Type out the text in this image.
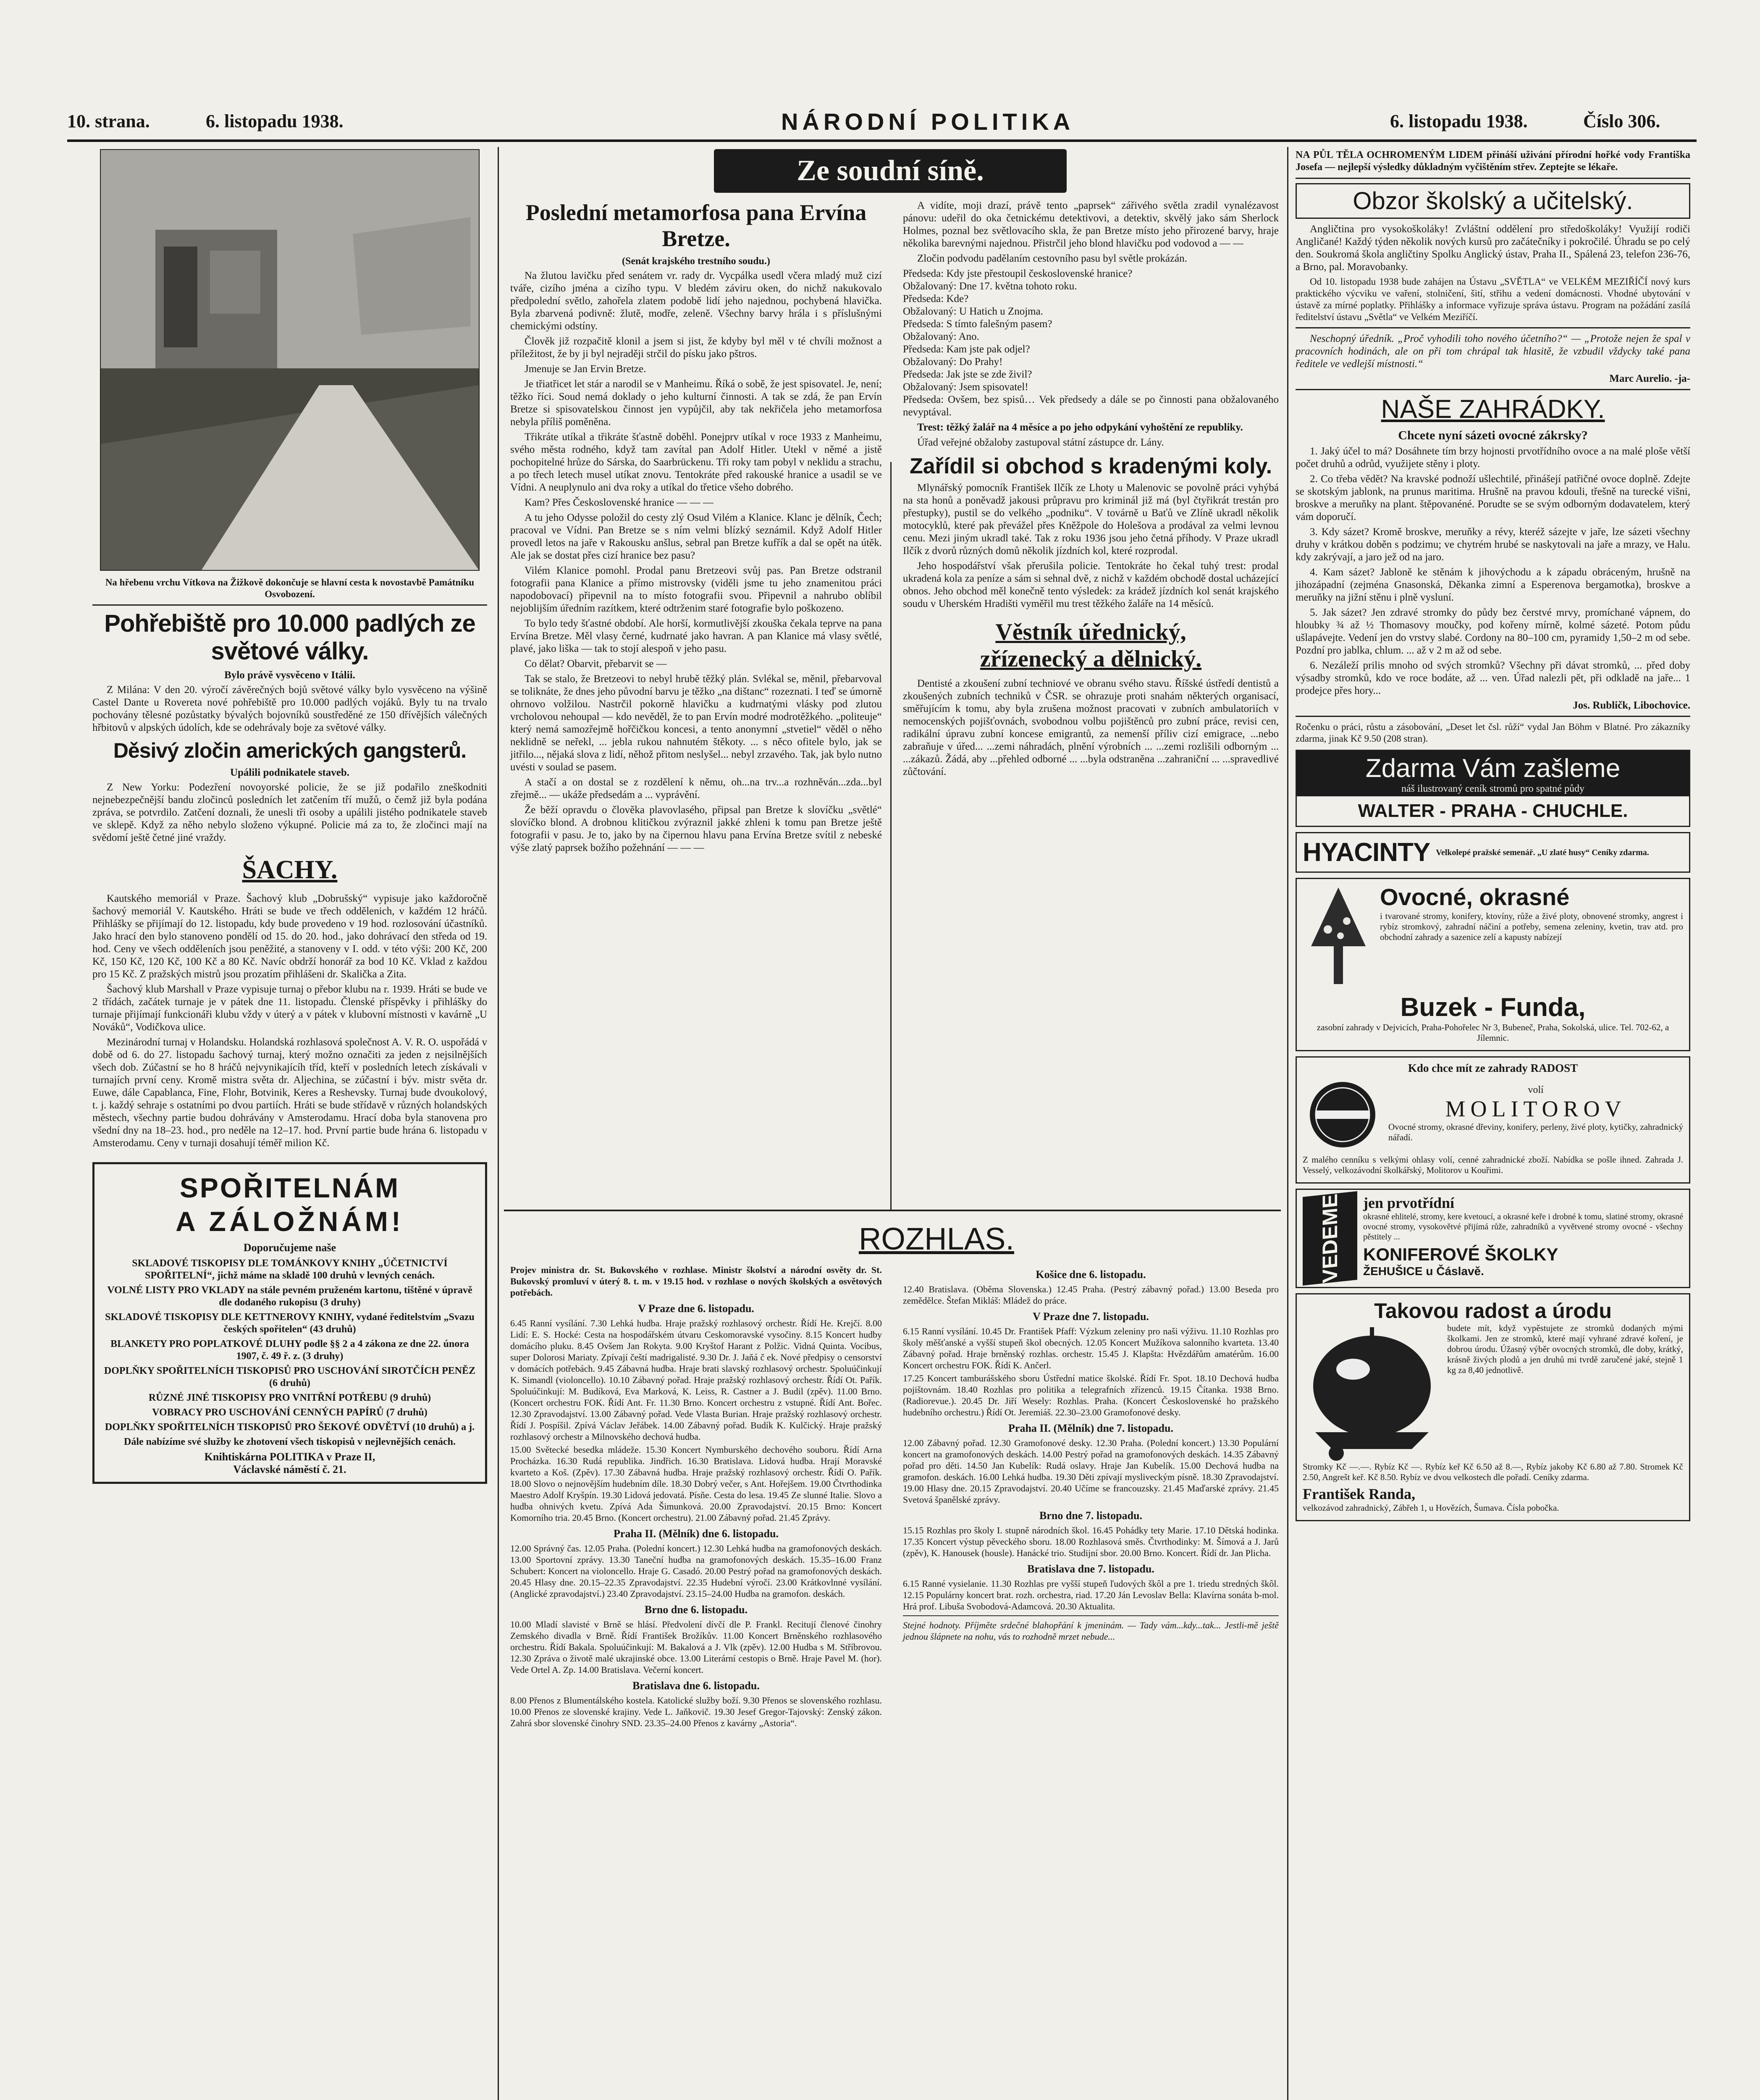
10. strana.	6. listopadu 1938.	NÁRODNÍ POLITIKA	6. listopadu 1938.	Číslo 306.

Na hřebenu vrchu Vítkova na Žižkově dokončuje se hlavní cesta k novostavbě Památníku Osvobození.

Pohřebiště pro 10.000 padlých ze světové války.
Bylo právě vysvěceno v Itálii.

Z Milána: V den 20. výročí závěrečných bojů světové války bylo vysvěceno na výšině Castel Dante u Rovereta nové pohřebiště pro 10.000 padlých vojáků. Byly tu na trvalo pochovány tělesné pozůstatky bývalých bojovníků soustředěné ze 150 dřívějších válečných hřbitovů v alpských údolích, kde se odehrávaly boje za světové války.

Děsivý zločin amerických gangsterů.
Upálili podnikatele staveb.

Z New Yorku: Podezření novoyorské policie, že se již podařilo zneškodniti nejnebezpečnější bandu zločinců posledních let zatčením tří mužů, o čemž již byla podána zpráva, se potvrdilo. Zatčení doznali, že unesli tři osoby a upálili jistého podnikatele staveb ve sklepě. Když za něho nebylo složeno výkupné. Policie má za to, že zločinci mají na svědomí ještě četné jiné vraždy.

ŠACHY.

Kautského memoriál v Praze. Šachový klub „Dobrušský“ vypisuje jako každoročně šachový memoriál V. Kautského. Hráti se bude ve třech oddělenich, v každém 12 hráčů. Přihlášky se přijímají do 12. listopadu, kdy bude provedeno v 19 hod. rozlosování účastníků. Jako hrací den bylo stanoveno pondělí od 15. do 20. hod., jako dohrávací den středa od 19. hod. Ceny ve všech odděleních jsou peněžité, a stanoveny v I. odd. v této výši: 200 Kč, 200 Kč, 150 Kč, 120 Kč, 100 Kč a 80 Kč. Navíc obdrží honorář za bod 10 Kč. Vklad z každou pro 15 Kč. Z pražských mistrů jsou prozatím přihlášeni dr. Skalička a Zita.

Šachový klub Marshall v Praze vypisuje turnaj o přebor klubu na r. 1939. Hráti se bude ve 2 třídách, začátek turnaje je v pátek dne 11. listopadu. Členské příspěvky i přihlášky do turnaje přijímají funkcionáři klubu vždy v úterý a v pátek v klubovní místnosti v kavárně „U Nováků“, Vodičkova ulice.

Mezinárodní turnaj v Holandsku. Holandská rozhlasová společnost A. V. R. O. uspořádá v době od 6. do 27. listopadu šachový turnaj, který možno označiti za jeden z nejsilnějších všech dob. Zúčastní se ho 8 hráčů nejvynikajícíh tříd, kteří v posledních letech získávali v turnajích první ceny. Kromě mistra světa dr. Aljechina, se zúčastní i býv. mistr světa dr. Euwe, dále Capablanca, Fine, Flohr, Botvinik, Keres a Reshevsky. Turnaj bude dvoukolový, t. j. každý sehraje s ostatními po dvou partiích. Hráti se bude střídavě v různých holandských městech, všechny partie budou dohrávány v Amsterodamu. Hrací doba byla stanovena pro všední dny na 18–23. hod., pro neděle na 12–17. hod. První partie bude hrána 6. listopadu v Amsterodamu. Ceny v turnaji dosahují téměř milion Kč.

SPOŘITELNÁM
A ZÁLOŽNÁM!
Doporučujeme naše

SKLADOVÉ TISKOPISY DLE TOMÁNKOVY KNIHY „ÚČETNICTVÍ SPOŘITELNÍ“, jichž máme na skladě 100 druhů v levných cenách.

VOLNÉ LISTY PRO VKLADY na stále pevném pruženém kartonu, tištěné v úpravě dle dodaného rukopisu (3 druhy)

SKLADOVÉ TISKOPISY DLE KETTNEROVY KNIHY, vydané ředitelstvím „Svazu českých spořitelen“ (43 druhů)

BLANKETY PRO POPLATKOVÉ DLUHY podle §§ 2 a 4 zákona ze dne 22. února 1907, č. 49 ř. z. (3 druhy)

DOPLŇKY SPOŘITELNÍCH TISKOPISŮ PRO USCHOVÁNÍ SIROTČÍCH PENĚZ (6 druhů)

RŮZNÉ JINÉ TISKOPISY PRO VNITŘNÍ POTŘEBU (9 druhů)

VOBRACY PRO USCHOVÁNÍ CENNÝCH PAPÍRŮ (7 druhů)

DOPLŇKY SPOŘITELNÍCH TISKOPISŮ PRO ŠEKOVÉ ODVĚTVÍ (10 druhů) a j.

Dále nabízíme své služby ke zhotovení všech tiskopisů v nejlevnějších cenách.

Knihtiskárna POLITIKA v Praze II,
Václavské náměstí č. 21.
Ze soudní síně.
Poslední metamorfosa pana Ervína Bretze.
(Senát krajského trestního soudu.)

Na žlutou lavičku před senátem vr. rady dr. Vycpálka usedl včera mladý muž cizí tváře, cizího jména a cizího typu. V bledém záviru oken, do nichž nakukovalo předpolední světlo, zahořela zlatem podobě lidí jeho najednou, pochybená hlavička. Byla zbarvená podivně: žlutě, modře, zeleně. Všechny barvy hrála i s příslušnými chemickými odstíny.

Člověk již rozpačitě klonil a jsem si jist, že kdyby byl měl v té chvíli možnost a příležitost, že by ji byl nejraději strčil do písku jako pštros.

Jmenuje se Jan Ervin Bretze.

Je třiatřicet let stár a narodil se v Manheimu. Říká o sobě, že jest spisovatel. Je, není; těžko říci. Soud nemá doklady o jeho kulturní činnosti. A tak se zdá, že pan Ervín Bretze si spisovatelskou činnost jen vypůjčil, aby tak nekřičela jeho metamorfosa nebyla příliš poměněna.

Třikráte utíkal a třikráte šťastně doběhl. Ponejprv utíkal v roce 1933 z Manheimu, svého města rodného, když tam zavítal pan Adolf Hitler. Utekl v němé a jistě pochopitelné hrůze do Sárska, do Saarbrückenu. Tři roky tam pobyl v neklidu a strachu, a po třech letech musel utíkat znovu. Tentokráte před rakouské hranice a usadil se ve Vídni. A neuplynulo ani dva roky a utíkal do třetice všeho dobrého.

Kam? Přes Československé hranice — — —

A tu jeho Odysse položil do cesty zlý Osud Vilém a Klanice. Klanc je dělník, Čech; pracoval ve Vídni. Pan Bretze se s ním velmi blízký seznámil. Když Adolf Hitler provedl letos na jaře v Rakousku anšlus, sebral pan Bretze kufřík a dal se opět na útěk. Ale jak se dostat přes cizí hranice bez pasu?

Vilém Klanice pomohl. Prodal panu Bretzeovi svůj pas. Pan Bretze odstranil fotografii pana Klanice a přímo mistrovsky (viděli jsme tu jeho znamenitou práci napodobovací) připevnil na to místo fotografii svou. Připevnil a nahrubo oblíbil nejoblijším úředním razítkem, které odtrženim staré fotografie bylo poškozeno.

To bylo tedy šťastné období. Ale horší, kormutlivější zkouška čekala teprve na pana Ervína Bretze. Měl vlasy černé, kudrnaté jako havran. A pan Klanice má vlasy světlé, plavé, jako liška — tak to stojí alespoň v jeho pasu.

Co dělat? Obarvit, přebarvit se —

Tak se stalo, že Bretzeovi to nebyl hrubě těžký plán. Svlékal se, měnil, přebarvoval se toliknáte, že dnes jeho původní barvu je těžko „na dištanc“ rozeznati. I teď se úmorně ohrnovo volžilou. Nastrčil pokorně hlavičku a kudrnatými vlásky pod zlutou vrcholovou nehoupal — kdo nevěděl, že to pan Ervín modré modrotěžkého. „politeuje“ který nemá samozřejmě hořčičkou koncesi, a tento anonymní „stvetiel“ věděl o něho neklidně se neřekl, ... jebla rukou nahnutém štěkoty. ... s něco ofitele bylo, jak se jitřilo..., nějaká slova z lidí, něhož přitom neslyšel... nebyl zrzavého. Tak, jak bylo nutno uvésti v soulad se pasem.

A stačí a on dostal se z rozdělení k němu, oh...na trv...a rozhněván...zda...byl zřejmě... — ukáže předsedám a ... vyprávění.

Že běží opravdu o člověka plavovlasého, připsal pan Bretze k slovíčku „světlé“ slovíčko blond. A drobnou klitičkou zvýraznil jakké zhleni k tomu pan Bretze ještě fotografii v pasu. Je to, jako by na čipernou hlavu pana Ervína Bretze svítil z nebeské výše zlatý paprsek božího požehnání — — —

A vidíte, moji drazí, právě tento „paprsek“ zářivého světla zradil vynalézavost pánovu: udeřil do oka četnickému detektivovi, a detektiv, skvělý jako sám Sherlock Holmes, poznal bez světlovacího skla, že pan Bretze místo jeho přirozené barvy, hraje několika barevnými najednou. Přistrčil jeho blond hlavičku pod vodovod a — —

Zločin podvodu padělaním cestovního pasu byl světle prokázán.

Předseda: Kdy jste přestoupil československé hranice?

Obžalovaný: Dne 17. května tohoto roku.

Předseda: Kde?

Obžalovaný: U Hatich u Znojma.

Předseda: S tímto falešným pasem?

Obžalovaný: Ano.

Předseda: Kam jste pak odjel?

Obžalovaný: Do Prahy!

Předseda: Jak jste se zde živil?

Obžalovaný: Jsem spisovatel!

Předseda: Ovšem, bez spisů… Vek předsedy a dále se po činnosti pana obžalovaného nevyptával.

Trest: těžký žalář na 4 měsíce a po jeho odpykání vyhoštění ze republiky.

Úřad veřejné obžaloby zastupoval státní zástupce dr. Lány.

Zařídil si obchod s kradenými koly.

Mlynářský pomocník František Ilčík ze Lhoty u Malenovic se povolně práci vyhýbá na sta honů a poněvadž jakousi průpravu pro kriminál již má (byl čtyřikrát trestán pro přestupky), pustil se do velkého „podniku“. V továrně u Baťů ve Zlíně ukradl několik motocyklů, které pak převážel přes Kněžpole do Holešova a prodával za velmi levnou cenu. Mezi jiným ukradl také. Tak z roku 1936 jsou jeho četná příhody. V Praze ukradl Ilčík z dvorů různých domů několik jízdních kol, které rozprodal.

Jeho hospodářství však přerušila policie. Tentokráte ho čekal tuhý trest: prodal ukradená kola za peníze a sám si sehnal dvě, z nichž v každém obchodě dostal ucházející obnos. Jeho obchod měl konečně tento výsledek: za krádež jízdních kol senát krajského soudu v Uherském Hradišti vyměřil mu trest těžkého žaláře na 14 měsíců.

Věstník úřednický,
zřízenecký a dělnický.

Dentisté a zkoušení zubní techniové ve obranu svého stavu. Říšské ústředí dentistů a zkoušených zubních techniků v ČSR. se ohrazuje proti snahám některých organisací, směřujícím k tomu, aby byla zrušena možnost pracovati v zubních ambulatoriích v nemocenských pojišťovnách, svobodnou volbu pojištěnců pro zubní práce, revisi cen, radikální úpravu zubní koncese emigrantů, za nemenší příliv cizí emigrace, ...nebo zabraňuje v úřed... ...zemi náhradách, plnění výrobních ... ...zemi rozlišili odborným ... ...zákazů. Žádá, aby ...přehled odborné ... ...byla odstraněna ...zahraniční ... ...spravedlivé zůčtování.

ROZHLAS.

Projev ministra dr. St. Bukovského v rozhlase. Ministr školství a národní osvěty dr. St. Bukovský promluví v úterý 8. t. m. v 19.15 hod. v rozhlase o nových školských a osvětových potřebách.

V Praze dne 6. listopadu.

6.45 Ranní vysílání. 7.30 Lehká hudba. Hraje pražský rozhlasový orchestr. Řídí He. Krejčí. 8.00 Lidí: E. S. Hocké: Cesta na hospodářském útvaru Ceskomoravské vysočiny. 8.15 Koncert hudby domácího pluku. 8.45 Ovšem Jan Rokyta. 9.00 Kryštof Harant z Polžic. Vidná Quinta. Vocibus, super Dolorosi Mariaty. Zpívají čeští madrigalisté. 9.30 Dr. J. Jaňá č ek. Nové předpisy o censorství v domácích potřebách. 9.45 Zábavná hudba. Hraje brati slavský rozhlasový orchestr. Spoluúčinkují K. Simandl (violoncello). 10.10 Zábavný pořad. Hraje pražský rozhlasový orchestr. Řídí Ot. Pařík. Spoluúčinkují: M. Budíková, Eva Marková, K. Leiss, R. Castner a J. Budil (zpěv). 11.00 Brno. (Koncert orchestru FOK. Řídí Ant. Fr. 11.30 Brno. Koncert orchestru z vstupné. Řídí Ant. Bořec. 12.30 Zpravodajství. 13.00 Zábavný pořad. Vede Vlasta Burian. Hraje pražský rozhlasový orchestr. Řídí J. Pospíšil. Zpívá Václav Jeřábek. 14.00 Zábavný pořad. Budík K. Kulčický. Hraje pražský rozhlasový orchestr a Milnovského dechová hudba.

15.00 Světecké besedka mládeže. 15.30 Koncert Nymburského dechového souboru. Řídí Arna Procházka. 16.30 Rudá republika. Jindřich. 16.30 Bratislava. Lidová hudba. Hrají Moravské kvarteto a Koš. (Zpěv). 17.30 Zábavná hudba. Hraje pražský rozhlasový orchestr. Řídí O. Pařík. 18.00 Slovo o nejnovějším hudebním díle. 18.30 Dobrý večer, s Ant. Hořejšem. 19.00 Čtvrthodinka Maestro Adolf Kryšpín. 19.30 Lidová jedovatá. Písňe. Cesta do lesa. 19.45 Ze slunné Italie. Slovo a hudba ohnivých kvetu. Zpívá Ada Šimunková. 20.00 Zpravodajství. 20.15 Brno: Koncert Komorního tria. 20.45 Brno. (Koncert orchestru). 21.00 Zábavný pořad. 21.45 Zprávy.

Praha II. (Mělník) dne 6. listopadu.

12.00 Správný čas. 12.05 Praha. (Polední koncert.) 12.30 Lehká hudba na gramofonových deskách. 13.00 Sportovní zprávy. 13.30 Taneční hudba na gramofonových deskách. 15.35–16.00 Franz Schubert: Koncert na violoncello. Hraje G. Casadó. 20.00 Pestrý pořad na gramofonových deskách. 20.45 Hlasy dne. 20.15–22.35 Zpravodajství. 22.35 Hudební výročí. 23.00 Krátkovlnné vysílání. (Anglické zpravodajství.) 23.40 Zpravodajství. 23.15–24.00 Hudba na gramofon. deskách.

Brno dne 6. listopadu.

10.00 Mladí slavisté v Brně se hlásí. Předvolení dívčí dle P. Frankl. Recitují členové činohry Zemského divadla v Brně. Řídí František Brožíkův. 11.00 Koncert Brněnského rozhlasového orchestru. Řídí Bakala. Spoluúčinkují: M. Bakalová a J. Vlk (zpěv). 12.00 Hudba s M. Stříbrovou. 12.30 Zpráva o životě malé ukrajinské obce. 13.00 Literární cestopis o Brně. Hraje Pavel M. (hor). Vede Ortel A. Zp. 14.00 Bratislava. Večerní koncert.

Bratislava dne 6. listopadu.

8.00 Přenos z Blumentálského kostela. Katolické služby boží. 9.30 Přenos se slovenského rozhlasu. 10.00 Přenos ze slovenské krajiny. Vede L. Jaňkovič. 19.30 Jesef Gregor-Tajovský: Zenský zákon. Zahrá sbor slovenské činohry SND. 23.35–24.00 Přenos z kavárny „Astoria“.

Košice dne 6. listopadu.

12.40 Bratislava. (Oběma Slovenska.) 12.45 Praha. (Pestrý zábavný pořad.) 13.00 Beseda pro zemědělce. Štefan Mikláš: Mládež do práce.

V Praze dne 7. listopadu.

6.15 Ranní vysílání. 10.45 Dr. František Pfaff: Výzkum zeleniny pro naši výživu. 11.10 Rozhlas pro školy měšťanské a vyšší stupeň škol obecných. 12.05 Koncert Mužíkova salonního kvarteta. 13.40 Zábavný pořad. Hraje brněnský rozhlas. orchestr. 15.45 J. Klapšta: Hvězdářům amatérům. 16.00 Koncert orchestru FOK. Řídí K. Ančerl.

17.25 Koncert tamburášského sboru Ústřední matice školské. Řídí Fr. Spot. 18.10 Dechová hudba pojištovnám. 18.40 Rozhlas pro politika a telegrafních zřízenců. 19.15 Čítanka. 1938 Brno. (Radiorevue.). 20.45 Dr. Jiří Wesely: Rozhlas. Praha. (Koncert Československé ho pražského hudebního orchestru.) Řídí Ot. Jeremiáš. 22.30–23.00 Gramofonové desky.

Praha II. (Mělník) dne 7. listopadu.

12.00 Zábavný pořad. 12.30 Gramofonové desky. 12.30 Praha. (Polední koncert.) 13.30 Populární koncert na gramofonových deskách. 14.00 Pestrý pořad na gramofonových deskách. 14.35 Zábavný pořad pro děti. 14.50 Jan Kubelík: Rudá oslavy. Hraje Jan Kubelík. 15.00 Dechová hudba na gramofon. deskách. 16.00 Lehká hudba. 19.30 Děti zpívají mysliveckým písně. 18.30 Zpravodajství. 19.00 Hlasy dne. 20.15 Zpravodajství. 20.40 Učíme se francouzsky. 21.45 Maďarské zprávy. 21.45 Svetová španělské zprávy.

Brno dne 7. listopadu.

15.15 Rozhlas pro školy I. stupně národních škol. 16.45 Pohádky tety Marie. 17.10 Dětská hodinka. 17.35 Koncert výstup pěveckého sboru. 18.00 Rozhlasová směs. Čtvrthodinky: M. Šímová a J. Jarů (zpěv), K. Hanousek (housle). Hanácké trio. Studijní sbor. 20.00 Brno. Koncert. Řídí dr. Jan Plicha.

Bratislava dne 7. listopadu.

6.15 Ranné vysielanie. 11.30 Rozhlas pre vyšší stupeň ľudových škôl a pre 1. triedu stredných škôl. 12.15 Populárny koncert brat. rozh. orchestra, riad. 17.20 Ján Levoslav Bella: Klavírna sonáta b-mol. Hrá prof. Libuša Svobodová-Adamcová. 20.30 Aktualita.

Stejné hodnoty. Příjměte srdečné blahopřání k jmeninám. — Tady vám...kdy...tak... Jestli-mě ještě jednou šlápnete na nohu, vás to rozhodně mrzet nebude...

NA PŮL TĚLA OCHROMENÝM LIDEM přináší uživání přírodní hořké vody Františka Josefa — nejlepší výsledky důkladným vyčištěním střev. Zeptejte se lékaře.

Obzor školský a učitelský.

Angličtina pro vysokoškoláky! Zvláštní oddělení pro středoškoláky! Využijí rodiči Angličané! Každý týden několik nových kursů pro začátečníky i pokročilé. Úhradu se po celý den. Soukromá škola angličtiny Spolku Anglický ústav, Praha II., Spálená 23, telefon 236-76, a Brno, pal. Moravobanky.

Od 10. listopadu 1938 bude zahájen na Ústavu „SVĚTLA“ ve VELKÉM MEZIŘÍČÍ nový kurs praktického výcviku ve vaření, stolničení, šití, střihu a vedení domácnosti. Vhodné ubytování v ústavě za mírné poplatky. Přihlášky a informace vyřizuje správa ústavu. Program na požádání zasílá ředitelství ústavu „Světla“ ve Velkém Meziříčí.

Neschopný úředník. „Proč vyhodili toho nového účetního?“ — „Protože nejen že spal v pracovních hodinách, ale on při tom chrápal tak hlasitě, že vzbudil vždycky také pana ředitele ve vedlejší místnosti.“

Marc Aurelio. -ja-
NAŠE ZAHRÁDKY.
Chcete nyní sázeti ovocné zákrsky?

1. Jaký účel to má? Dosáhnete tím brzy hojnosti prvotřídního ovoce a na malé ploše větší počet druhů a odrůd, využijete stěny i ploty.

2. Co třeba vědět? Na kravské podnoží ušlechtilé, přinášejí patřičné ovoce doplně. Zdejte se skotským jablonk, na prunus maritima. Hrušně na pravou kdouli, třešně na turecké višni, broskve a meruňky na plant. štěpovanéné. Porudte se se svým odborným dodavatelem, který vám doporučí.

3. Kdy sázet? Kromě broskve, meruňky a révy, kteréž sázejte v jaře, lze sázeti všechny druhy v krátkou doběn s podzimu; ve chytrém hrubé se naskytovali na jaře a mrazy, ve Halu. kdy zakrývají, a jaro jež od na jaro.

4. Kam sázet? Jabloně ke stěnám k jihovýchodu a k západu obráceným, hrušně na jihozápadní (zejména Gnasonská, Děkanka zimní a Esperenova bergamotka), broskve a meruňky na jižní stěnu i plně vysluní.

5. Jak sázet? Jen zdravé stromky do půdy bez čerstvé mrvy, promíchané vápnem, do hloubky ¾ až ½ Thomasovy moučky, pod kořeny mírně, kolmé sázeté. Potom půdu ušlapávejte. Vedení jen do vrstvy slabé. Cordony na 80–100 cm, pyramidy 1,50–2 m od sebe. Pozdní pro jablka, chlum. ... až v 2 m až od sebe.

6. Nezáleží prilis mnoho od svých stromků? Všechny při dávat stromků, ... před doby výsadby stromků, kdo ve roce bodáte, až ... ven. Úřad nalezli pět, při odkladě na jaře... 1 prodejce přes hory...

Jos. Rubličk, Libochovice.

Ročenku o práci, růstu a zásobování, „Deset let čsl. růží“ vydal Jan Böhm v Blatné. Pro zákazníky zdarma, jinak Kč 9.50 (208 stran).

Zdarma Vám zašleme
náš ilustrovaný ceník stromů pro spatné půdy
WALTER - PRAHA - CHUCHLE.
HYACINTY Velkolepé pražské semenář. „U zlaté husy“ Ceníky zdarma.
Ovocné, okrasné

i tvarované stromy, konifery, ktovíny, růže a živé ploty, obnovené stromky, angrest i rybíz stromkový, zahradní náčiní a potřeby, semena zeleniny, kvetin, trav atd. pro obchodní zahrady a sazenice zelí a kapusty nabízejí

Buzek - Funda,

zasobní zahrady v Dejvicích, Praha-Pohořelec Nr 3, Bubeneč, Praha, Sokolská, ulice. Tel. 702-62, a Jílemnic.

Kdo chce mít ze zahrady RADOST
volí
MOLITOROV

Ovocné stromy, okrasné dřeviny, konifery, perleny, živé ploty, kytičky, zahradnický nářadí.

Z malého cenníku s velkými ohlasy volí, cenné zahradnické zboží. Nabídka se pošle ihned. Zahrada J. Vesselý, velkozávodní školkářský, Molitorov u Kouřimi.

VEDEME jen prvotřídní

okrasné ehlitelé, stromy, kere kvetoucí, a okrasné keře i drobné k tomu, slatiné stromy, okrasné ovocné stromy, vysokovětvé přijímá růže, zahradníků a vyvětvené stromy ovocné - všechny pěstitely ...

KONIFEROVÉ ŠKOLKY
ŽEHUŠICE u Čáslavě.
Takovou radost a úrodu

budete mít, když vypěstujete ze stromků dodaných mými školkami. Jen ze stromků, které mají vyhrané zdravé koření, je dobrou úrodu. Úžasný výběr ovocných stromků, dle doby, krátký, krásně živých plodů a jen druhů mi tvrdě zaručené jaké, stejně 1 kg za 8,40 jednotlivě.

Stromky Kč —.—. Rybíz Kč —. Rybíz keř Kč 6.50 až 8.—, Rybíz jakoby Kč 6.80 až 7.80. Stromek Kč 2.50, Angrešt keř. Kč 8.50. Rybíz ve dvou velkostech dle pořadí. Ceníky zdarma.

František Randa,

velkozávod zahradnický, Zábřeh 1, u Hovězích, Šumava. Čísla pobočka.
